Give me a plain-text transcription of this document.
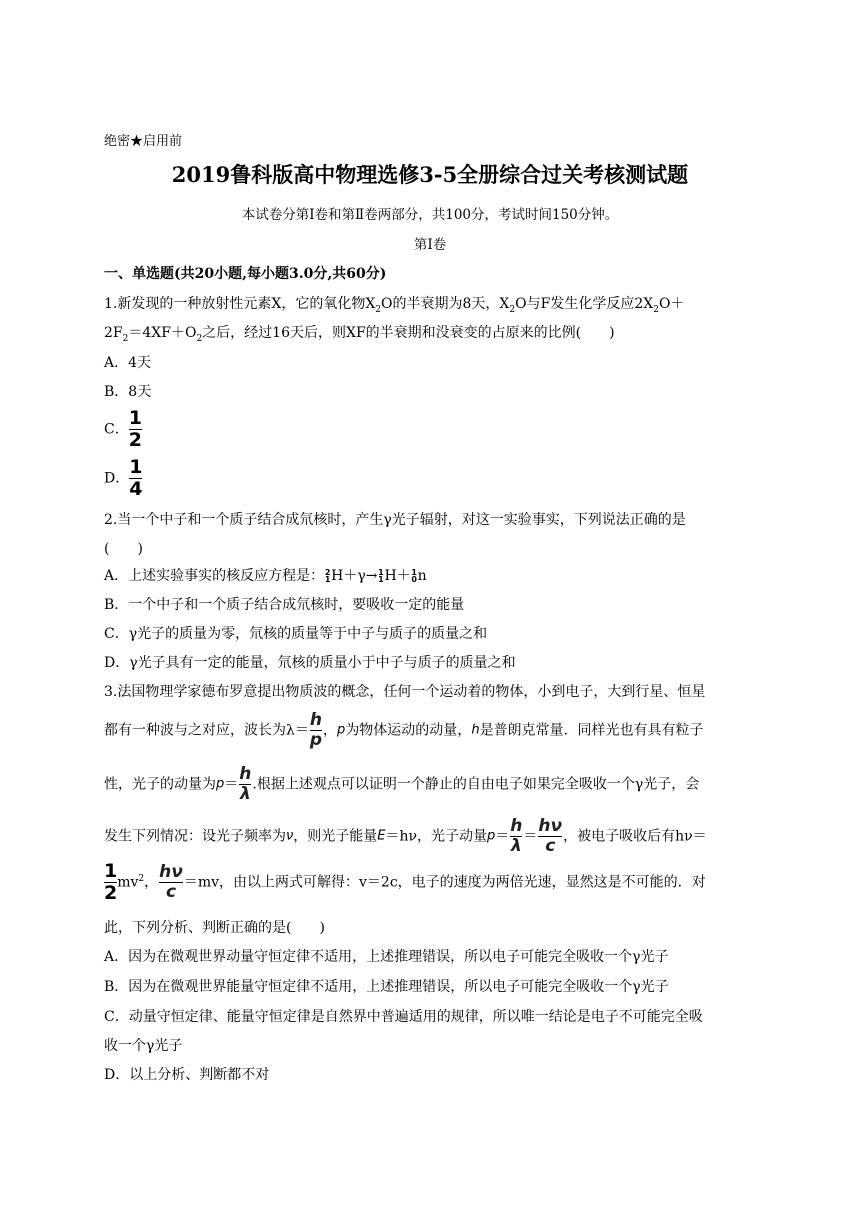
绝密★启用前
2019鲁科版高中物理选修3-5全册综合过关考核测试题
本试卷分第Ⅰ卷和第Ⅱ卷两部分，共100分，考试时间150分钟。
第Ⅰ卷
一、单选题(共20小题,每小题3.0分,共60分)
1.新发现的一种放射性元素X，它的氧化物$X_2O$的半衰期为8天，$X_2O$与F发生化学反应$2X_2O+$
$2F_2=4XF+O_2$之后，经过16天后，则XF的半衰期和没衰变的占原来的比例(　　)
A．4天
B．8天
C． $\frac{1}{2}$
D． $\frac{1}{4}$
2.当一个中子和一个质子结合成氘核时，产生γ光子辐射，对这一实验事实，下列说法正确的是
(　　)
A．上述实验事实的核反应方程是： 2
1 H＋γ→ 1
1 H＋ 1
0 n
B．一个中子和一个质子结合成氘核时，要吸收一定的能量
C．γ光子的质量为零，氘核的质量等于中子与质子的质量之和
D．γ光子具有一定的能量，氘核的质量小于中子与质子的质量之和
3.法国物理学家德布罗意提出物质波的概念，任何一个运动着的物体，小到电子，大到行星、恒星
都有一种波与之对应，波长为$\lambda= \frac{h}{p}$ ，p为物体运动的动量，h是普朗克常量．同样光也有具有粒子
性，光子的动量为$p= \frac{h}{\lambda}$ .根据上述观点可以证明一个静止的自由电子如果完全吸收一个γ光子，会
发生下列情况：设光子频率为ν，则光子能量E＝hν，光子动量$p= \frac{h}{\lambda} = \frac{h\nu}{c}$ ，被电子吸收后有hν＝
$\frac{1}{2} mv^2$， $\frac{h\nu}{c} =mv$，由以上两式可解得：v＝2c，电子的速度为两倍光速，显然这是不可能的．对
此，下列分析、判断正确的是(　　)
A．因为在微观世界动量守恒定律不适用，上述推理错误，所以电子可能完全吸收一个γ光子
B．因为在微观世界能量守恒定律不适用，上述推理错误，所以电子可能完全吸收一个γ光子
C．动量守恒定律、能量守恒定律是自然界中普遍适用的规律，所以唯一结论是电子不可能完全吸
收一个γ光子
D．以上分析、判断都不对
